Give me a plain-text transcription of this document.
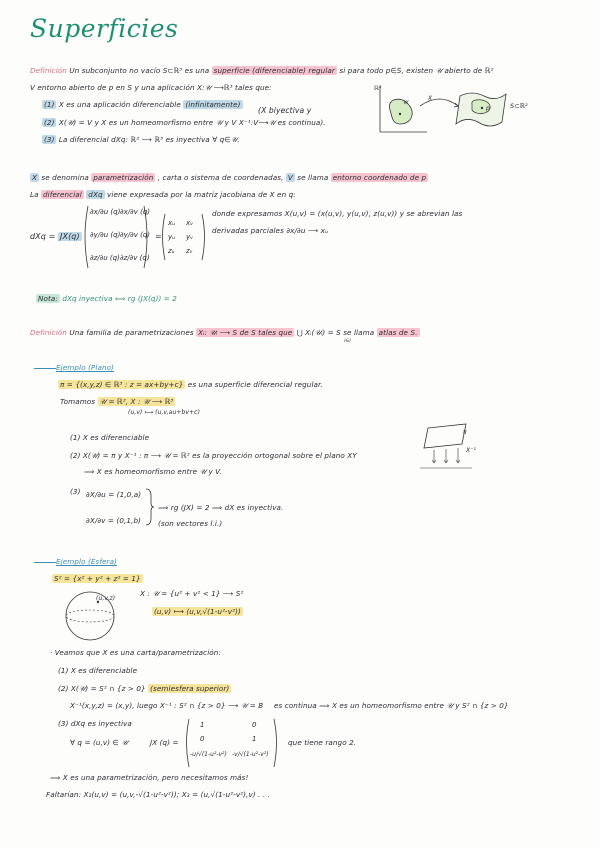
Superficies
Definición Un subconjunto no vacío S⊂ℝ³ es una superficie (diferenciable) regular si para todo p∈S, existen 𝒰 abierto de ℝ²
V entorno abierto de p en S y una aplicación X:𝒰 ⟶ℝ³ tales que:
(1) X es una aplicación diferenciable (infinitamente)
(X biyectiva y
(2) X(𝒰) = V y X es un homeomorfismo entre 𝒰 y V X⁻¹:V⟶𝒰 es continua).
(3) La diferencial dXq: ℝ² ⟶ ℝ³ es inyectiva ∀ q∈𝒰.
ℝ³
𝒰
X
p	S⊂ℝ²
X se denomina parametrización , carta o sistema de coordenadas, V se llama entorno coordenado de p
La diferencial dXq viene expresada por la matriz jacobiana de X en q:
dXq = JX(q)
∂x/∂u (q)
∂y/∂u (q)
∂z/∂u (q)
∂x/∂v (q)
∂y/∂v (q)
∂z/∂v (q)
=
xᵤ
yᵤ
zᵤ
xᵥ
yᵥ
zᵥ
donde expresamos X(u,v) = (x(u,v), y(u,v), z(u,v)) y se abrevian las
derivadas parciales ∂x/∂u ⟶ xᵤ
Nota: dXq inyectiva ⟺ rg (JX(q)) = 2
Definición Una familia de parametrizaciones Xᵢ: 𝒰ᵢ ⟶ S de S tales que ⋃ Xᵢ(𝒰ᵢ) = S se llama atlas de S.
i∈I
Ejemplo (Plano)
π = {(x,y,z) ∈ ℝ³ : z = ax+by+c} es una superficie diferencial regular.
Tomamos 𝒰 = ℝ², X : 𝒰 ⟶ ℝ³
(u,v) ⟼ (u,v,au+bv+c)
(1) X es diferenciable
(2) X(𝒰) = π y X⁻¹ : π ⟶ 𝒰 = ℝ² es la proyección ortogonal sobre el plano XY
⟹ X es homeomorfismo entre 𝒰 y V.
(3) ∂X/∂u = (1,0,a)
∂X/∂v = (0,1,b)
⟹ rg (JX) = 2 ⟹ dX es inyectiva.
(son vectores l.i.)
π
X⁻¹
Ejemplo (Esfera)
S² = {x² + y² + z² = 1}
(u,v,z)
X : 𝒰 = {u² + v² < 1} ⟶ S²
(u,v) ⟼ (u,v,√(1-u²-v²))
· Veamos que X es una carta/parametrización:
(1) X es diferenciable
(2) X(𝒰) = S² ∩ {z > 0} (semiesfera superior)
X⁻¹(x,y,z) = (x,y), luego X⁻¹ : S² ∩ {z > 0} ⟶ 𝒰 = B es continua ⟹ X es un homeomorfismo entre 𝒰 y S² ∩ {z > 0}
(3) dXq es inyectiva
∀ q = (u,v) ∈ 𝒰	JX (q) =
1
0
-u/√(1-u²-v²)
0
1
-v/√(1-u²-v²)
que tiene rango 2.
⟹ X es una parametrización, pero necesitamos más!
Faltarían: X₂(u,v) = (u,v,-√(1-u²-v²)); X₃ = (u,√(1-u²-v²),v) . . .
